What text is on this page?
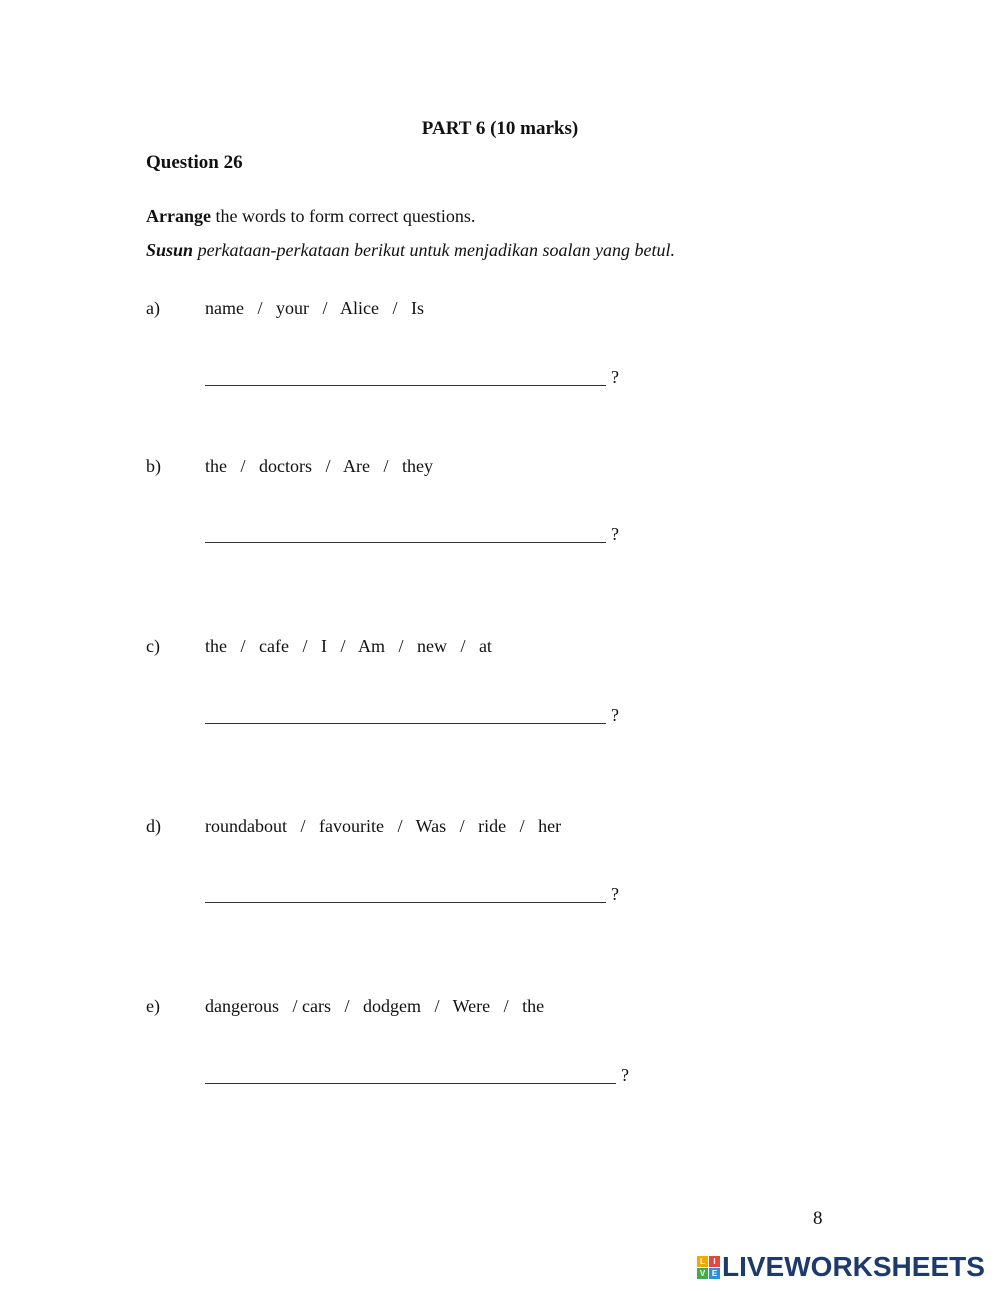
PART 6 (10 marks)
Question 26
Arrange the words to form correct questions.
Susun perkataan-perkataan berikut untuk menjadikan soalan yang betul.
a)	name   /   your   /   Alice   /   Is
?
b) the   /   doctors   /   Are   /   they
?
c)	the   /   cafe   /   I   /   Am   /   new   /   at
?
d) roundabout   /   favourite   /   Was   /   ride   /   her
?
e)	dangerous   / cars   /   dodgem   /   Were   /   the
?
8
L	I
V E LIVEWORKSHEETS
